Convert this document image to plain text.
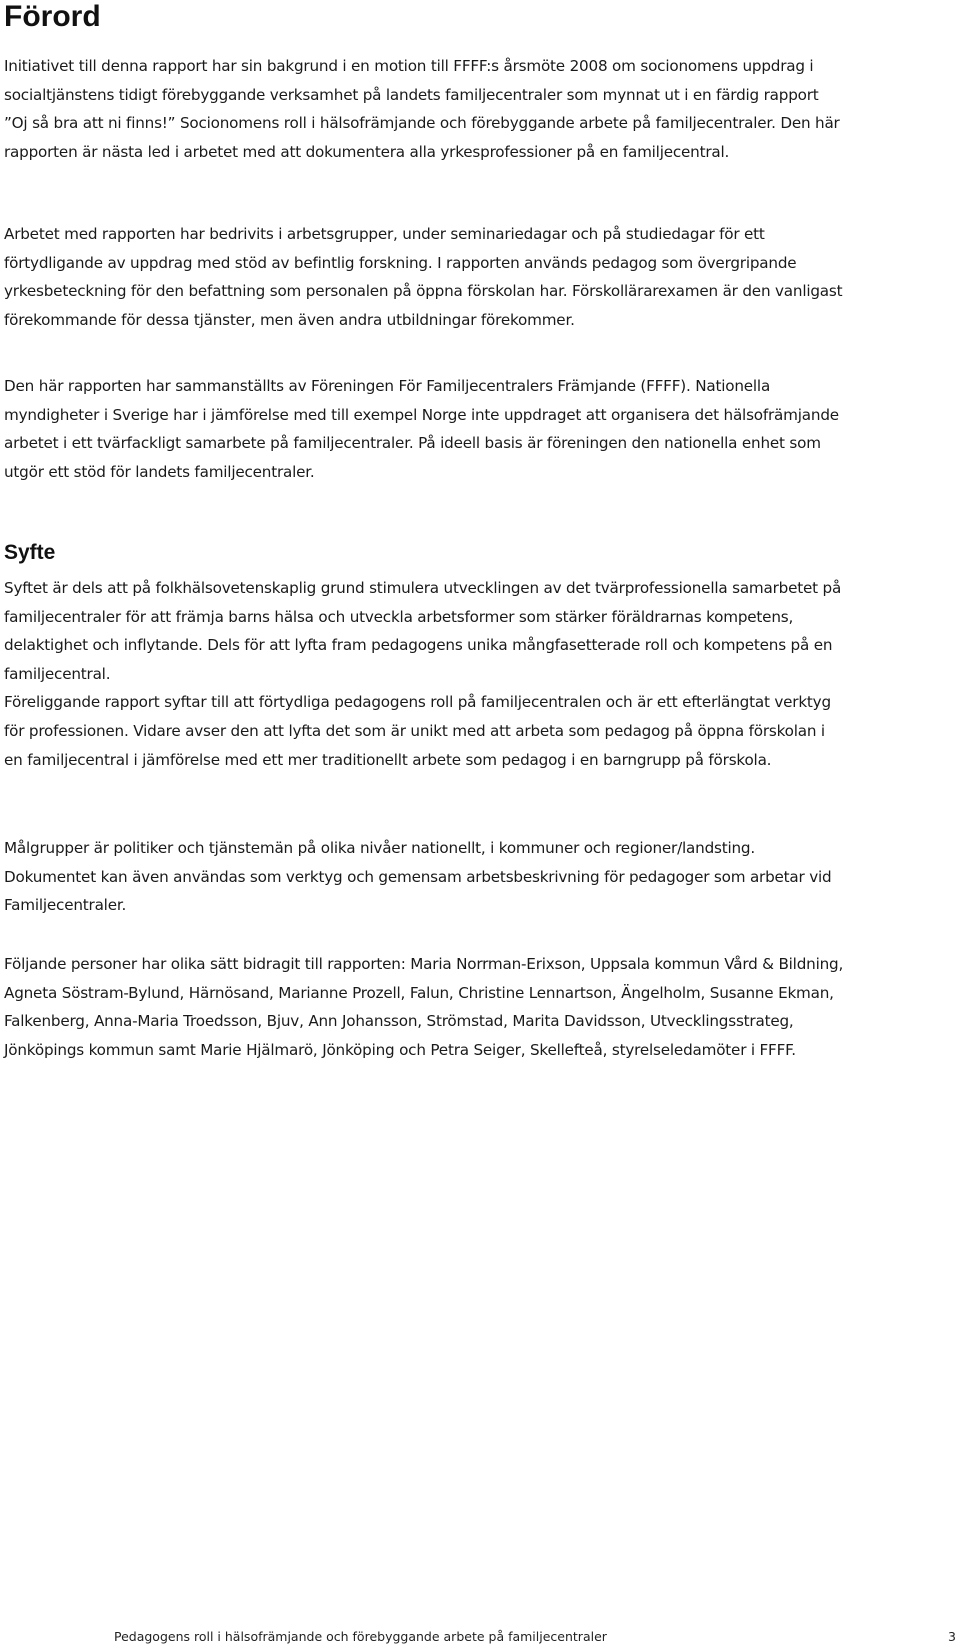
Förord

Initiativet till denna rapport har sin bakgrund i en motion till FFFF:s årsmöte 2008 om socionomens uppdrag i socialtjänstens tidigt förebyggande verksamhet på landets familjecentraler som mynnat ut i en färdig rapport ”Oj så bra att ni finns!” Socionomens roll i hälsofrämjande och förebyggande arbete på familjecentraler. Den här rapporten är nästa led i arbetet med att dokumentera alla yrkesprofessioner på en familjecentral.

Arbetet med rapporten har bedrivits i arbetsgrupper, under seminariedagar och på studiedagar för ett förtydligande av uppdrag med stöd av befintlig forskning. I rapporten används pedagog som övergripande yrkesbeteckning för den befattning som personalen på öppna förskolan har. Förskollärarexamen är den vanligast förekommande för dessa tjänster, men även andra utbildningar förekommer.

Den här rapporten har sammanställts av Föreningen För Familjecentralers Främjande (FFFF). Nationella myndigheter i Sverige har i jämförelse med till exempel Norge inte uppdraget att organisera det hälsofrämjande arbetet i ett tvärfackligt samarbete på familjecentraler. På ideell basis är föreningen den nationella enhet som utgör ett stöd för landets familjecentraler.

Syfte

Syftet är dels att på folkhälsovetenskaplig grund stimulera utvecklingen av det tvärprofessionella samarbetet på familjecentraler för att främja barns hälsa och utveckla arbetsformer som stärker föräldrarnas kompetens, delaktighet och inflytande. Dels för att lyfta fram pedagogens unika mångfasetterade roll och kompetens på en familjecentral.

Föreliggande rapport syftar till att förtydliga pedagogens roll på familjecentralen och är ett efterlängtat verktyg för professionen. Vidare avser den att lyfta det som är unikt med att arbeta som pedagog på öppna förskolan i en familjecentral i jämförelse med ett mer traditionellt arbete som pedagog i en barngrupp på förskola.

Målgrupper är politiker och tjänstemän på olika nivåer nationellt, i kommuner och regioner/landsting. Dokumentet kan även användas som verktyg och gemensam arbetsbeskrivning för pedagoger som arbetar vid Familjecentraler.

Följande personer har olika sätt bidragit till rapporten: Maria Norrman-Erixson, Uppsala kommun Vård & Bildning, Agneta Söstram-Bylund, Härnösand, Marianne Prozell, Falun, Christine Lennartson, Ängelholm, Susanne Ekman, Falkenberg, Anna-Maria Troedsson, Bjuv, Ann Johansson, Strömstad, Marita Davidsson, Utvecklingsstrateg, Jönköpings kommun samt Marie Hjälmarö, Jönköping och Petra Seiger, Skellefteå, styrelseledamöter i FFFF.

Pedagogens roll i hälsofrämjande och förebyggande arbete på familjecentraler	3
